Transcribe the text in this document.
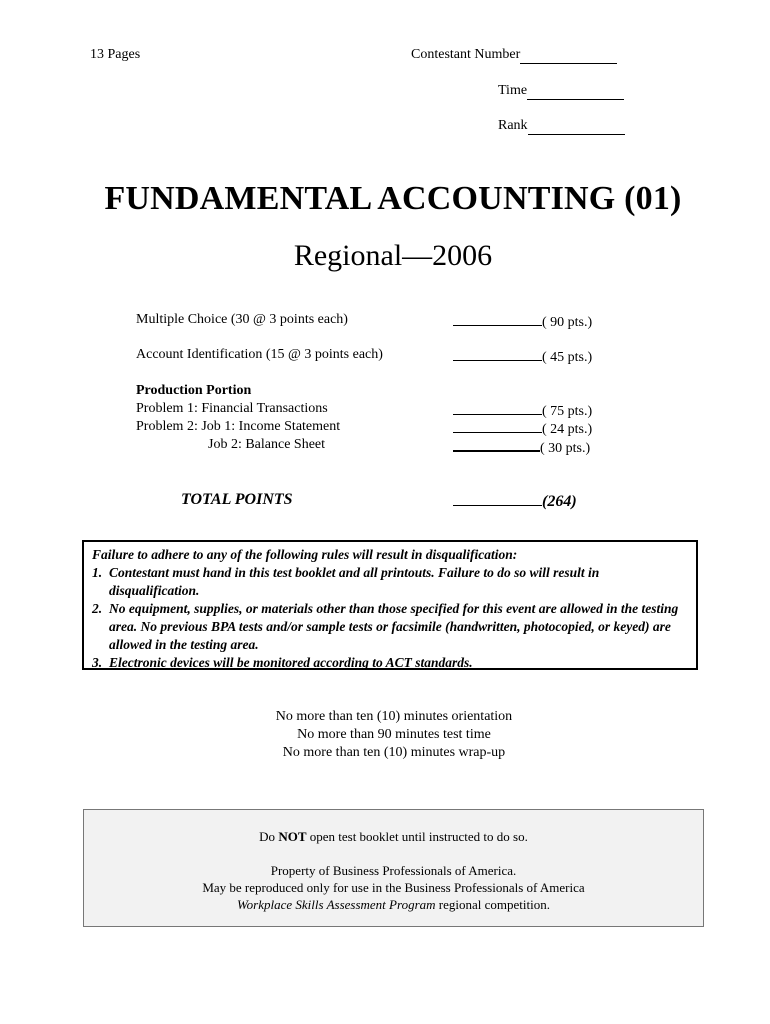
13 Pages	Contestant Number
Time
Rank
FUNDAMENTAL ACCOUNTING (01)
Regional—2006
Multiple Choice (30 @ 3 points each)	( 90 pts.)
Account Identification (15 @ 3 points each)	( 45 pts.)
Production Portion
Problem 1: Financial Transactions	( 75 pts.)
Problem 2: Job 1: Income Statement	( 24 pts.)
Job 2: Balance Sheet	( 30 pts.)
TOTAL POINTS	(264)
Failure to adhere to any of the following rules will result in disqualification:
1. Contestant must hand in this test booklet and all printouts. Failure to do so will result in disqualification.
2. No equipment, supplies, or materials other than those specified for this event are allowed in the testing area. No previous BPA tests and/or sample tests or facsimile (handwritten, photocopied, or keyed) are allowed in the testing area.
3. Electronic devices will be monitored according to ACT standards.
No more than ten (10) minutes orientation
No more than 90 minutes test time
No more than ten (10) minutes wrap-up
Do NOT open test booklet until instructed to do so.
Property of Business Professionals of America.
May be reproduced only for use in the Business Professionals of America
Workplace Skills Assessment Program regional competition.
